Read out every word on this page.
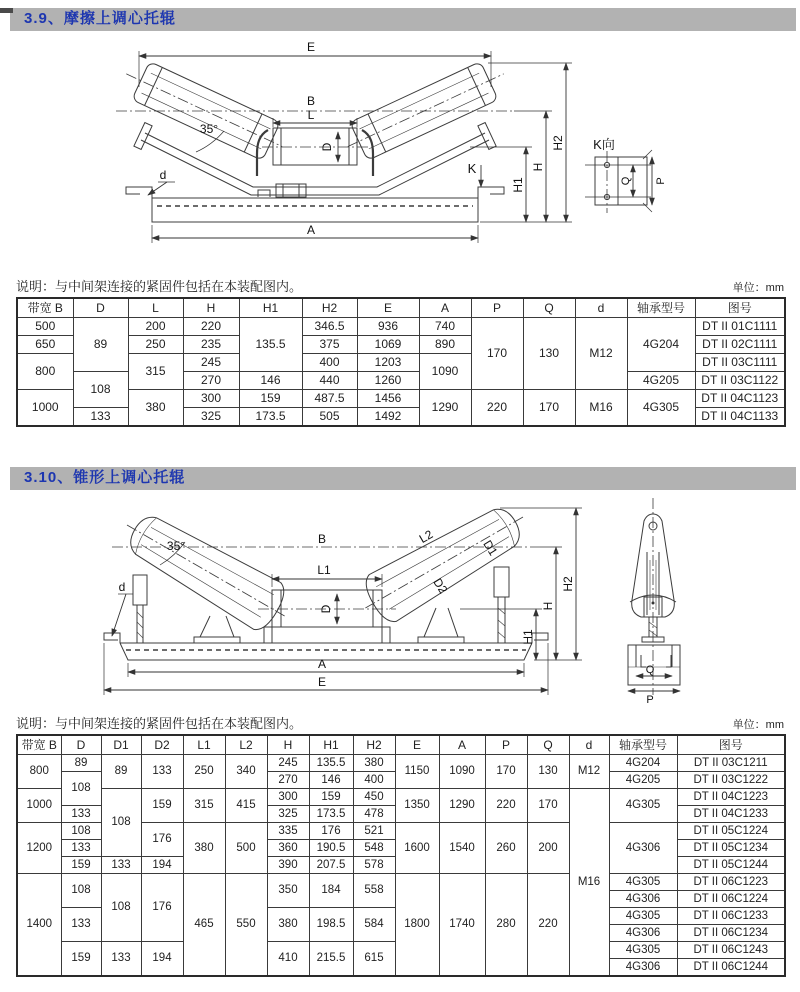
3.9、摩擦上调心托辊
E
B
L
D
35°
d
A
K
H2
H
H1
K向
Q P
说明：与中间架连接的紧固件包括在本装配图内。	单位：mm
带宽 B	D	L	H	H1	H2	E	A	P	Q	d	轴承型号	图号
500	89	200	220	135.5	346.5	936	740	170	130	M12	4G204	DT II 01C1111
650		250	235		375	1069	890					DT II 02C1111
800		315	245		400	1203	1090					DT II 03C1111
	108		270	146	440	1260					4G205	DT II 03C1122
1000		380	300	159	487.5	1456	1290	220	170	M16	4G305	DT II 04C1123
	133		325	173.5	505	1492						DT II 04C1133
3.10、锥形上调心托辊
B	L2
D1
D2
L1
D
35°
d
A
E
H2
H
H1
Q
P
说明：与中间架连接的紧固件包括在本装配图内。	单位：mm
带宽 B	D	D1	D2	L1	L2	H	H1	H2	E	A	P	Q	d	轴承型号	图号
800	89	89	133	250	340	245	135.5	380	1150	1090	170	130	M12	4G204	DT II 03C1211
	108					270	146	400						4G205	DT II 03C1222
1000		108	159	315	415	300	159	450	1350	1290	220	170	M16	4G305	DT II 04C1223
	133					325	173.5	478							DT II 04C1233
1200	108		176	380	500	335	176	521	1600	1540	260	200		4G306	DT II 05C1224
	133					360	190.5	548							DT II 05C1234
	159	133	194			390	207.5	578							DT II 05C1244
1400	108	108	176	465	550	350	184	558	1800	1740	280	220		4G305	DT II 06C1223
														4G306	DT II 06C1224
	133					380	198.5	584						4G305	DT II 06C1233
														4G306	DT II 06C1234
	159	133	194			410	215.5	615						4G305	DT II 06C1243
														4G306	DT II 06C1244
